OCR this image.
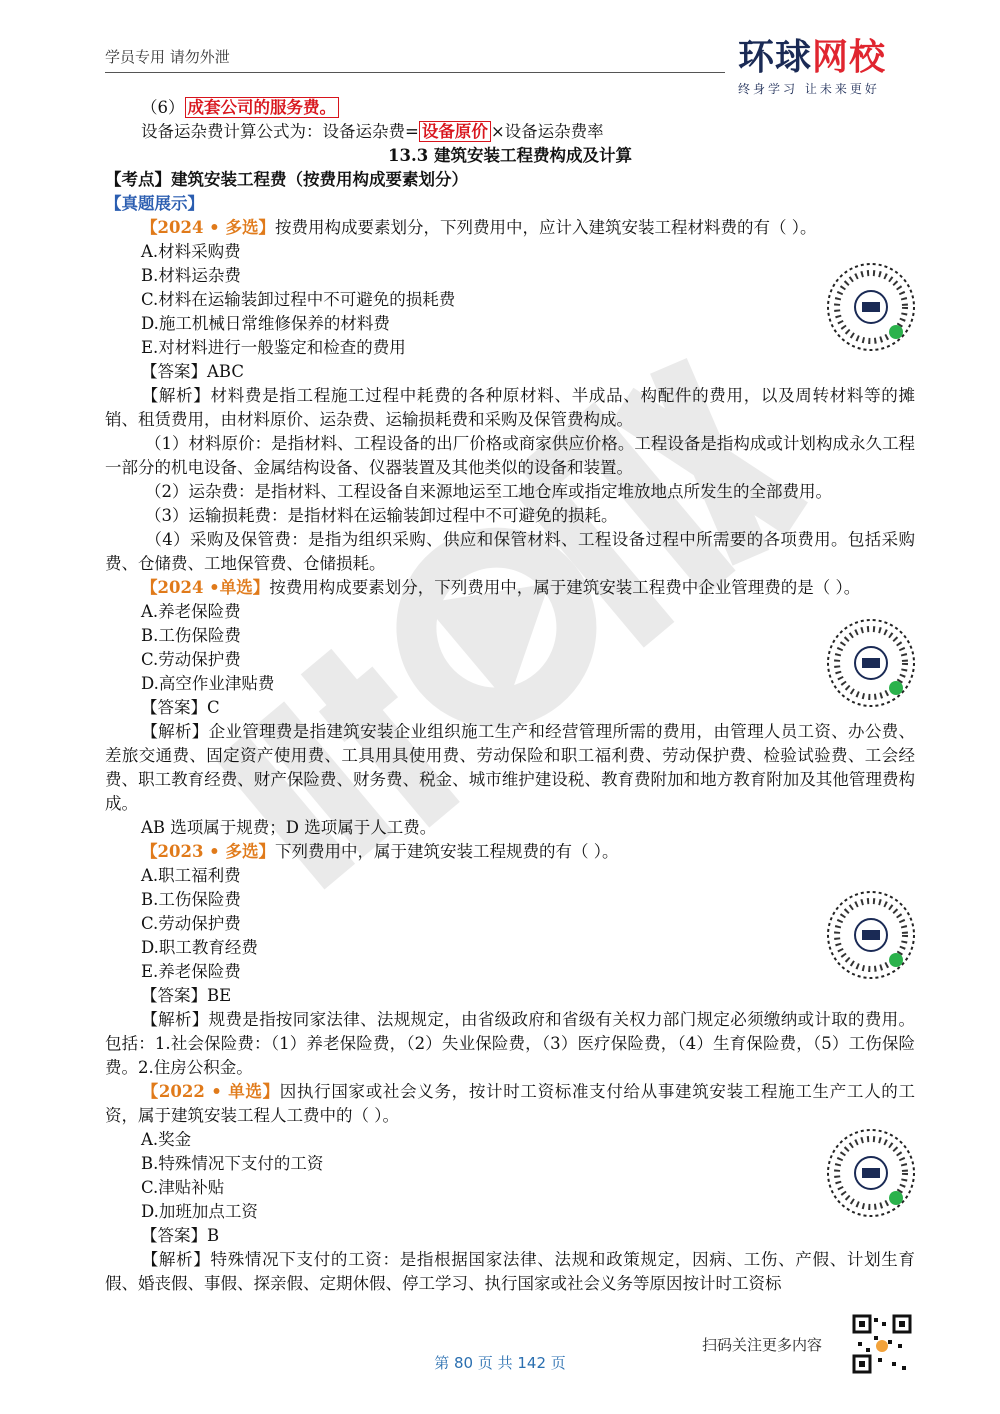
学员专用 请勿外泄	环球网校
终身学习 让未来更好
（6） 成套公司的服务费。
设备运杂费计算公式为：设备运杂费= 设备原价 ×设备运杂费率
13.3 建筑安装工程费构成及计算
【考点】建筑安装工程费（按费用构成要素划分）
【真题展示】
【2024 • 多选】按费用构成要素划分，下列费用中，应计入建筑安装工程材料费的有（ ）。
A.材料采购费
B.材料运杂费
C.材料在运输装卸过程中不可避免的损耗费
D.施工机械日常维修保养的材料费
E.对材料进行一般鉴定和检查的费用
【答案】ABC
【解析】材料费是指工程施工过程中耗费的各种原材料、半成品、构配件的费用，以及周转材料等的摊销、租赁费用，由材料原价、运杂费、运输损耗费和采购及保管费构成。
（1）材料原价：是指材料、工程设备的出厂价格或商家供应价格。工程设备是指构成或计划构成永久工程一部分的机电设备、金属结构设备、仪器装置及其他类似的设备和装置。
（2）运杂费：是指材料、工程设备自来源地运至工地仓库或指定堆放地点所发生的全部费用。
（3）运输损耗费：是指材料在运输装卸过程中不可避免的损耗。
（4）采购及保管费：是指为组织采购、供应和保管材料、工程设备过程中所需要的各项费用。包括采购费、仓储费、工地保管费、仓储损耗。
【2024 •单选】按费用构成要素划分，下列费用中，属于建筑安装工程费中企业管理费的是（ ）。
A.养老保险费
B.工伤保险费
C.劳动保护费
D.高空作业津贴费
【答案】C
【解析】企业管理费是指建筑安装企业组织施工生产和经营管理所需的费用，由管理人员工资、办公费、差旅交通费、固定资产使用费、工具用具使用费、劳动保险和职工福利费、劳动保护费、检验试验费、工会经费、职工教育经费、财产保险费、财务费、税金、城市维护建设税、教育费附加和地方教育附加及其他管理费构成。
AB 选项属于规费；D 选项属于人工费。
【2023 • 多选】下列费用中，属于建筑安装工程规费的有（ ）。
A.职工福利费
B.工伤保险费
C.劳动保护费
D.职工教育经费
E.养老保险费
【答案】BE
【解析】规费是指按同家法律、法规规定，由省级政府和省级有关权力部门规定必须缴纳或计取的费用。包括：1.社会保险费：（1）养老保险费，（2）失业保险费，（3）医疗保险费，（4）生育保险费，（5）工伤保险费。2.住房公积金。
【2022 • 单选】因执行国家或社会义务，按计时工资标准支付给从事建筑安装工程施工生产工人的工资，属于建筑安装工程人工费中的（ ）。
A.奖金
B.特殊情况下支付的工资
C.津贴补贴
D.加班加点工资
【答案】B
【解析】特殊情况下支付的工资：是指根据国家法律、法规和政策规定，因病、工伤、产假、计划生育假、婚丧假、事假、探亲假、定期休假、停工学习、执行国家或社会义务等原因按计时工资标
扫码关注更多内容
第 80 页 共 142 页
